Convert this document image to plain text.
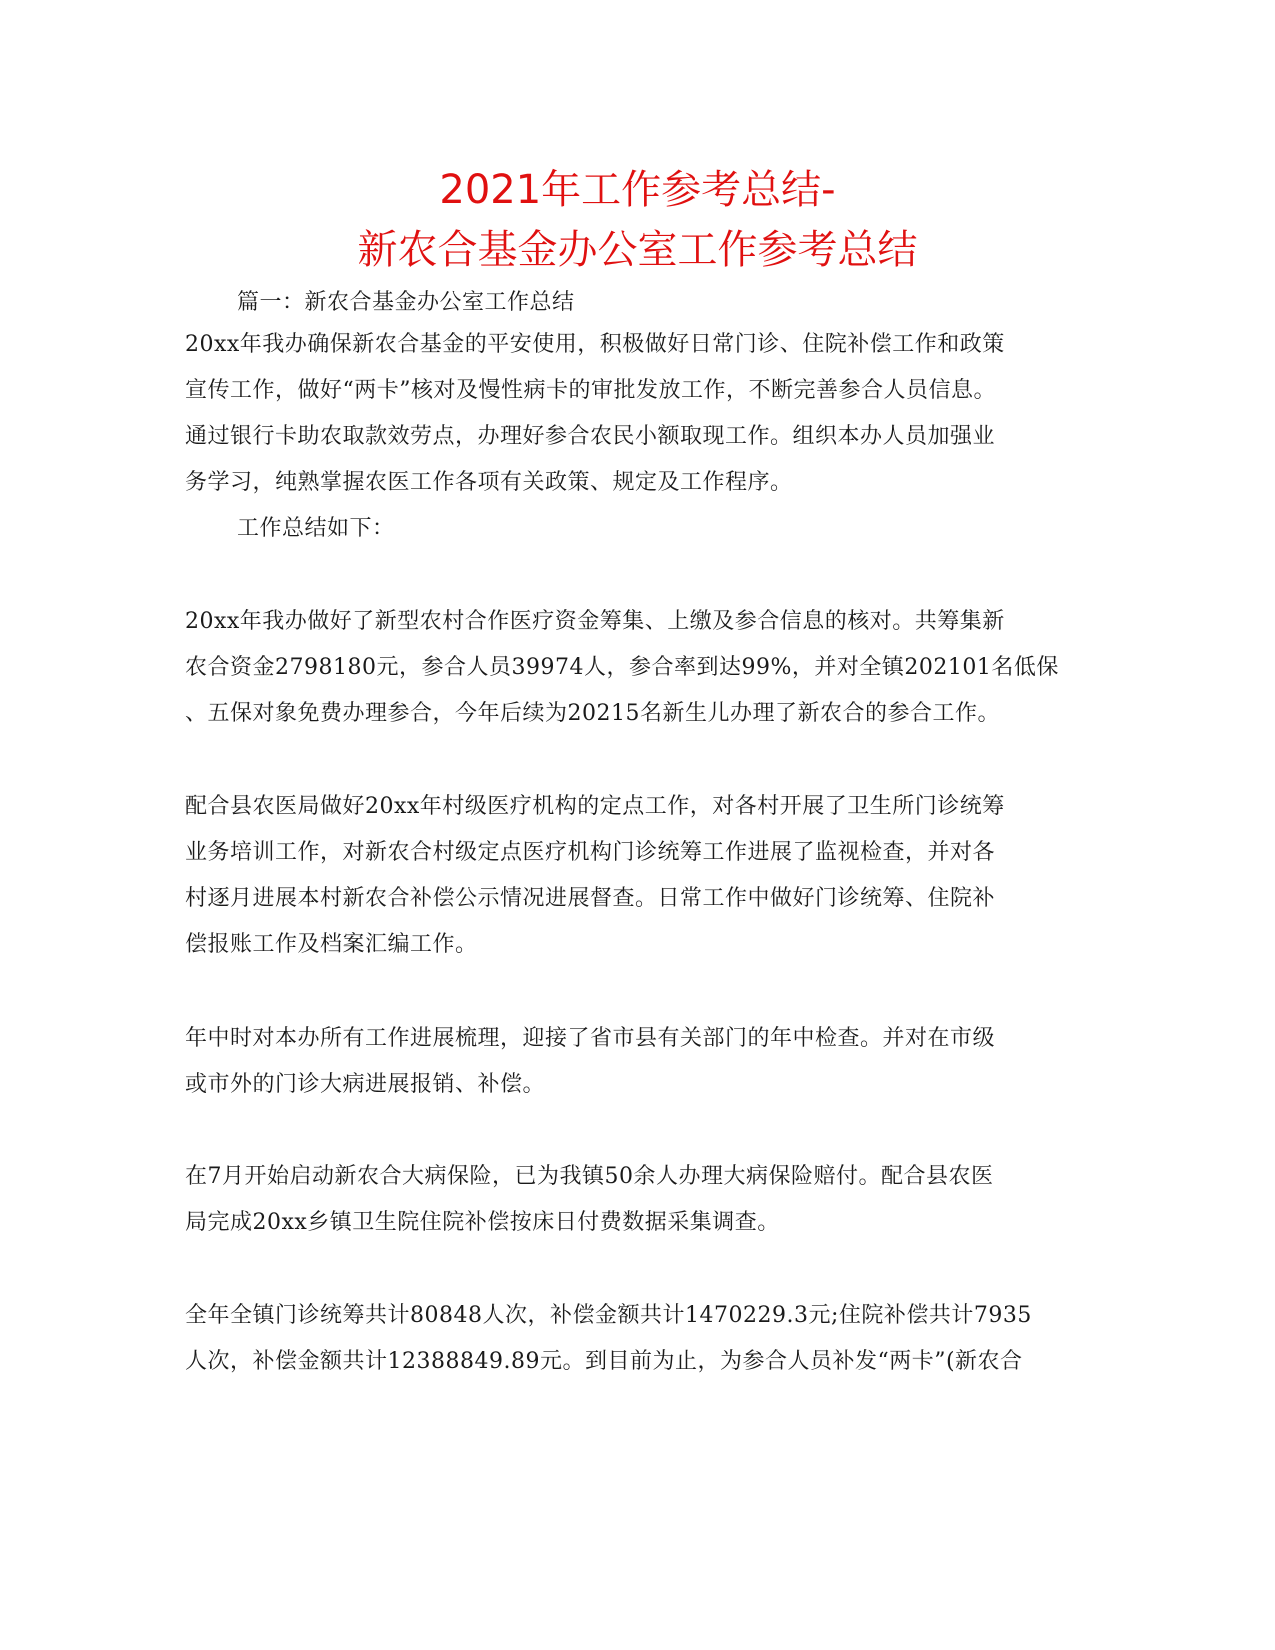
2021年工作参考总结-
新农合基金办公室工作参考总结
篇一：新农合基金办公室工作总结
20xx年我办确保新农合基金的平安使用，积极做好日常门诊、住院补偿工作和政策
宣传工作，做好“两卡”核对及慢性病卡的审批发放工作，不断完善参合人员信息。
通过银行卡助农取款效劳点，办理好参合农民小额取现工作。组织本办人员加强业
务学习，纯熟掌握农医工作各项有关政策、规定及工作程序。
工作总结如下：
20xx年我办做好了新型农村合作医疗资金筹集、上缴及参合信息的核对。共筹集新
农合资金2798180元，参合人员39974人，参合率到达99%，并对全镇202101名低保
、五保对象免费办理参合，今年后续为20215名新生儿办理了新农合的参合工作。
配合县农医局做好20xx年村级医疗机构的定点工作，对各村开展了卫生所门诊统筹
业务培训工作，对新农合村级定点医疗机构门诊统筹工作进展了监视检查，并对各
村逐月进展本村新农合补偿公示情况进展督查。日常工作中做好门诊统筹、住院补
偿报账工作及档案汇编工作。
年中时对本办所有工作进展梳理，迎接了省市县有关部门的年中检查。并对在市级
或市外的门诊大病进展报销、补偿。
在7月开始启动新农合大病保险，已为我镇50余人办理大病保险赔付。配合县农医
局完成20xx乡镇卫生院住院补偿按床日付费数据采集调查。
全年全镇门诊统筹共计80848人次，补偿金额共计1470229.3元;住院补偿共计7935
人次，补偿金额共计12388849.89元。到目前为止，为参合人员补发“两卡”(新农合
